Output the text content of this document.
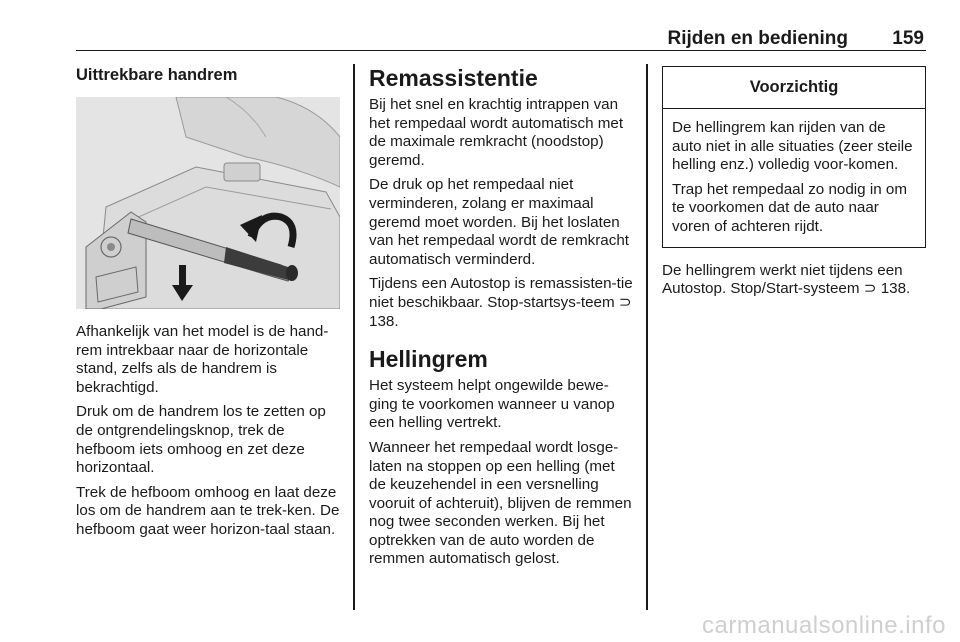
Rijden en bediening 159
Uittrekbare handrem

Afhankelijk van het model is de hand-rem intrekbaar naar de horizontale stand, zelfs als de handrem is bekrachtigd.

Druk om de handrem los te zetten op de ontgrendelingsknop, trek de hefboom iets omhoog en zet deze horizontaal.

Trek de hefboom omhoog en laat deze los om de handrem aan te trek-ken. De hefboom gaat weer horizon-taal staan.

Remassistentie

Bij het snel en krachtig intrappen van het rempedaal wordt automatisch met de maximale remkracht (noodstop) geremd.

De druk op het rempedaal niet verminderen, zolang er maximaal geremd moet worden. Bij het loslaten van het rempedaal wordt de remkracht automatisch verminderd.

Tijdens een Autostop is remassisten-tie niet beschikbaar. Stop-startsys-teem ⊃ 138.

Hellingrem

Het systeem helpt ongewilde bewe-ging te voorkomen wanneer u vanop een helling vertrekt.

Wanneer het rempedaal wordt losge-laten na stoppen op een helling (met de keuzehendel in een versnelling vooruit of achteruit), blijven de remmen nog twee seconden werken. Bij het optrekken van de auto worden de remmen automatisch gelost.

Voorzichtig

De hellingrem kan rijden van de auto niet in alle situaties (zeer steile helling enz.) volledig voor-komen.

Trap het rempedaal zo nodig in om te voorkomen dat de auto naar voren of achteren rijdt.

De hellingrem werkt niet tijdens een Autostop. Stop/Start-systeem ⊃ 138.

carmanualsonline.info
